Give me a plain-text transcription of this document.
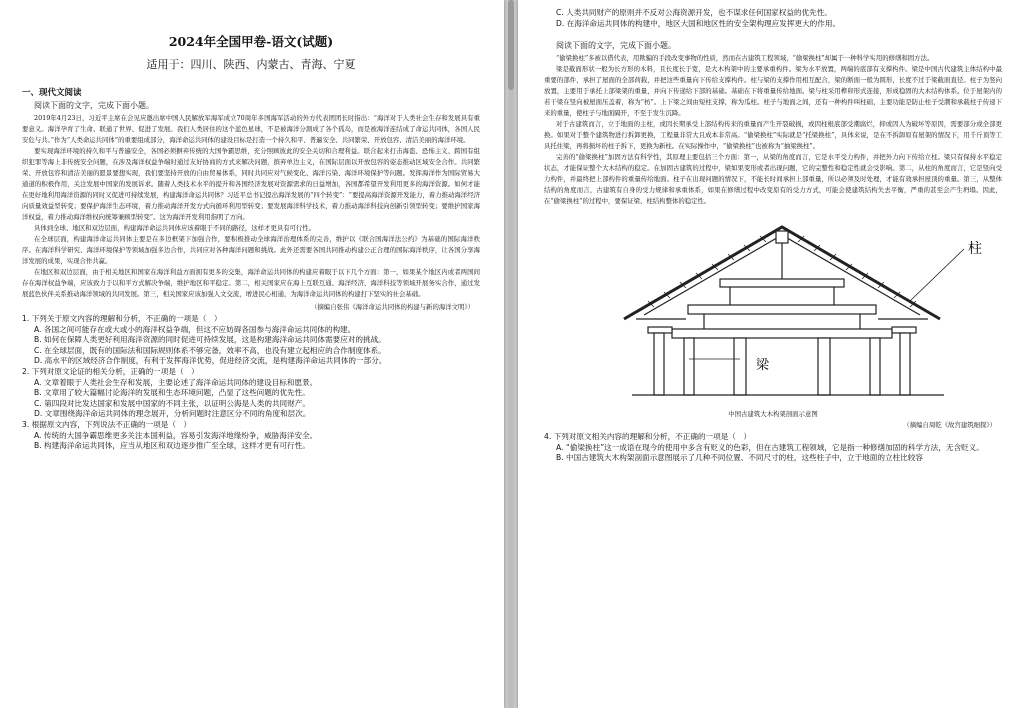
2024年全国甲卷-语文(试题)
适用于：四川、陕西、内蒙古、青海、宁夏
一、现代文阅读
阅读下面的文字，完成下面小题。

2019年4月23日，习近平主席在会见应邀出席中国人民解放军海军成立70周年多国海军活动的外方代表团团长时指出：“海洋对于人类社会生存和发展具有重要意义。海洋孕育了生命、联通了世界、促进了发展。我们人类居住的这个蓝色星球，不是被海洋分割成了各个孤岛，而是被海洋连结成了命运共同体，各国人民安危与共。”作为“人类命运共同体”的重要组成部分，海洋命运共同体的建设目标是打造一个持久和平、普遍安全、共同繁荣、开放包容、清洁美丽的海洋环境。

要实现海洋环境的持久和平与普遍安全，各国必须摒弃传统的大国争霸思维，充分照顾彼此的安全关切和合理利益。联合起来打击海盗、恐怖主义、跨国有组织犯罪等海上非传统安全问题，在涉及海洋权益争端时通过友好协商的方式来解决问题，摈弃单边主义，在国际层面以开放包容的姿态推动区域安全合作。共同繁荣、开放包容和清洁美丽的愿景要想实现，我们要坚持开放的自由贸易体系，同时共同应对气候变化、海洋污染、海洋环境保护等问题。发挥海洋作为国际贸易大通道的积极作用，关注发展中国家的发展诉求。随着人类技术水平的提升和各国经济发展对资源需求的日益增加，各国都希望开发利用更多的海洋资源。如何才能在更好地利用海洋资源的同时又促进可持续发展，构建海洋命运共同体？习近平总书记提出海洋发展的“四个转变”：“要提高海洋资源开发能力，着力推动海洋经济向质量效益型转变；要保护海洋生态环境，着力推动海洋开发方式向循环利用型转变；要发展海洋科学技术，着力推动海洋科技向创新引领型转变；要维护国家海洋权益，着力推动海洋维权向统筹兼顾型转变”。这为海洋开发利用指明了方向。

具体到全球、地区和双边层面，构建海洋命运共同体应该着眼于不同的路径，这样才更具有可行性。

在全球层面，构建海洋命运共同体主要是在多边框架下加强合作，要积极推动全球海洋治理体系的完善，维护以《联合国海洋法公约》为基础的国际海洋秩序。在海洋科学研究、海洋环境保护等领域加强多边合作，共同应对各种海洋问题和挑战。此外还需要各国共同推动构建公正合理的国际海洋秩序，让各国分享海洋发展的成果，实现合作共赢。

在地区和双边层面，由于相关地区和国家在海洋利益方面拥有更多的交集，海洋命运共同体的构建应着眼于以下几个方面：第一，如果某个地区内或者两国间存在海洋权益争端，应该致力于以和平方式解决争端，维护地区和平稳定。第二，相关国家应在海上互联互通、海洋经济、海洋科技等领域开展务实合作，通过发展蓝色伙伴关系推动海洋领域的共同发展。第三，相关国家应该加强人文交流，增进民心相通，为海洋命运共同体的构建打下坚实的社会基础。

（摘编自张伟《海洋命运共同体的构建与新的海洋文明》）

1. 下列关于原文内容的理解和分析，不正确的一项是（　）

A. 各国之间可能存在或大或小的海洋权益争端，但这不应妨碍各国参与海洋命运共同体的构建。

B. 如何在保障人类更好利用海洋资源的同时促进可持续发展，这是构建海洋命运共同体需要应对的挑战。

C. 在全球层面，既有的国际法和国际规则体系不够完备，效率不高，也没有建立起相应的合作制度体系。

D. 高水平的区域经济合作制度，有利于发挥海洋优势，促进经济交流，是构建海洋命运共同体的一部分。

2. 下列对原文论证的相关分析，正确的一项是（　）

A. 文章着眼于人类社会生存和发展，主要论述了海洋命运共同体的建设目标和愿景。

B. 文章用了较大篇幅讨论海洋的发展和生态环境问题，凸显了这些问题的优先性。

C. 第四段对比发达国家和发展中国家的不同主张，以证明公海是人类的共同财产。

D. 文章围绕海洋命运共同体的理念展开，分析问题时注意区分不同的角度和层次。

3. 根据原文内容，下列说法不正确的一项是（　）

A. 传统的大国争霸思维更多关注本国利益，容易引发海洋地缘纷争，威胁海洋安全。

B. 构建海洋命运共同体，应当从地区和双边逐步推广至全球，这样才更有可行性。

C. 人类共同财产的原则并不反对公海资源开发，也不谋求任何国家权益的优先性。

D. 在海洋命运共同体的构建中，地区大国和地区性的安全架构理应发挥更大的作用。

阅读下面的文字，完成下面小题。

“偷梁换柱”多被以借代表，用欺骗的手段改变事物的性质，然而在古建筑工程领域，“偷梁换柱”却属于一种科学实用的修缮和固方法。

梁是截面形状一般为长方形的木料，且长度长于宽，是大木构架中的主要承重构件。梁为水平放置，两端的底部有支撑构件。梁是中国古代建筑主体结构中最重要的部件，承担了屋面的全部荷载，并把这些重量向下传给支撑构件。柱与梁的支撑作用相互配合，梁的断面一般为圆形，长度不过于梁截面直径。柱子为竖向放置，主要用于承托上部梁架的重量，并向下传递给下部的基础。基础在下将重量传给地面。梁与柱采用榫卯形式连接，形成稳固的大木结构体系。位于屋架内的若干梁在竖向被屋面压盖着，称为“枋”。上下梁之间由短柱支撑，称为瓜柱。柱子与地面之间，还有一种构件叫柱础，主要功能是防止柱子受潮和承载柱子传递下来的重量，使柱子与地面隔开，不至于发生沉降。

对于古建筑而言，立于地面的主柱，或因长期承受上部结构传来的重量而产生开裂破损，或因柱根底部受潮腐烂，抑或因人为破坏等原因，需要部分或全部更换。如果对于整个建筑物进行拆卸更换，工程量非常大且成本非常高。“偷梁换柱”实际就是“托梁换柱”，具体来说，是在不拆卸原有屋架的情况下，用千斤顶等工具托住梁，再将损坏的柱子拆下，更换为新柱。在实际操作中，“偷梁换柱”也被称为“抽梁换柱”。

完善的“偷梁换柱”加固方法有科学性，其原理主要包括三个方面：第一，从梁的角度而言，它是水平受力构件，并把外力向下传给立柱。梁只有保持水平稳定状态，才能保证整个大木结构的稳定。在加固古建筑的过程中，梁如果变形或者出现问题，它的完整性和稳定性就会受影响。第二，从柱的角度而言，它是竖向受力构件，并最终把上部构件的重量传给地面。柱子在出现问题的情况下，不能长时间承担上部重量，所以必须及时处理，才能有效承担屋顶的重量。第三，从整体结构的角度而言，古建筑有自身的受力规律和承重体系，如果在修缮过程中改变原有的受力方式，可能会使建筑结构失去平衡，严重的甚至会产生坍塌。因此，在“偷梁换柱”的过程中，要保证梁、柱结构整体的稳定性。

柱
梁

中国古建筑大木构架剖面示意图

（摘编自周乾《故宫建筑细探》）

4. 下列对原文相关内容的理解和分析，不正确的一项是（　）

A. “偷梁换柱”这一成语在现今的使用中多含有贬义的色彩，但在古建筑工程领域，它是指一种修缮加固的科学方法，无含贬义。

B. 中国古建筑大木构架剖面示意图展示了几种不同位置、不同尺寸的柱，这些柱子中，立于地面的立柱比较容
